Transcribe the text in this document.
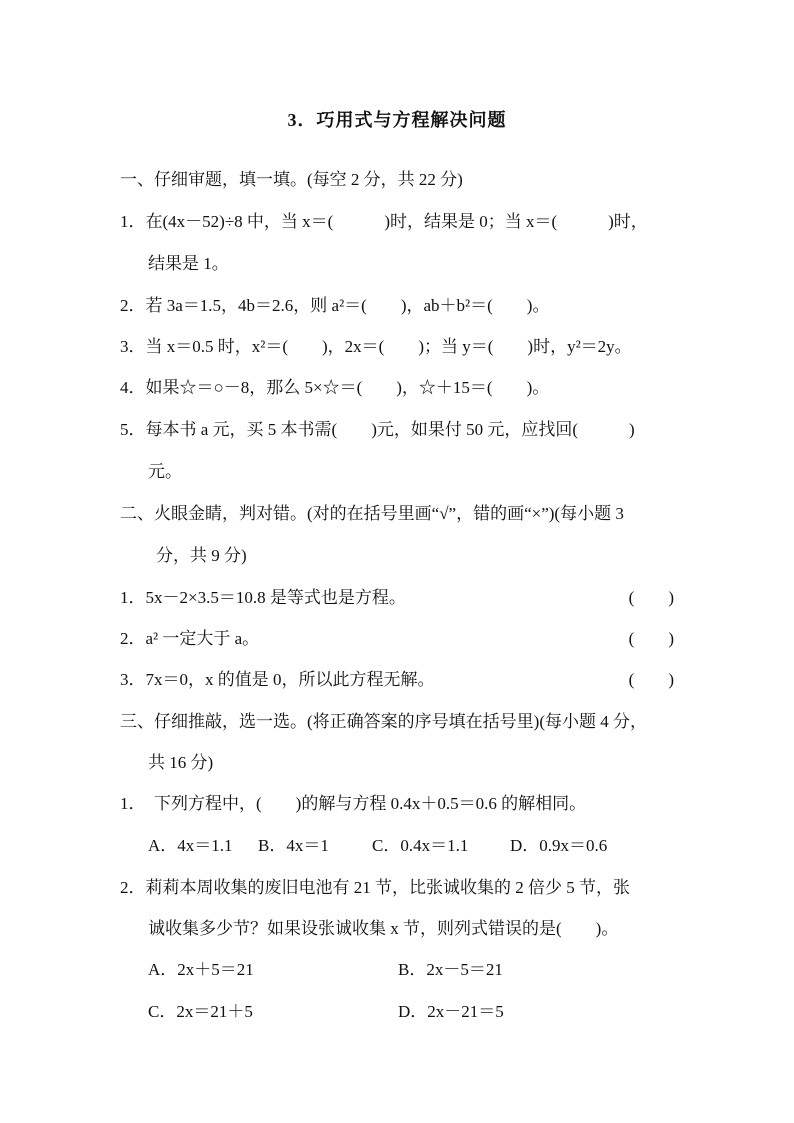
3．巧用式与方程解决问题
一、仔细审题，填一填。(每空 2 分，共 22 分)
1．在(4x－52)÷8 中，当 x＝(　　　)时，结果是 0；当 x＝(　　　)时，
结果是 1。
2．若 3a＝1.5，4b＝2.6，则 a²＝(　　)，ab＋b²＝(　　)。
3．当 x＝0.5 时，x²＝(　　)，2x＝(　　)；当 y＝(　　)时，y²＝2y。
4．如果☆＝○－8，那么 5×☆＝(　　)，☆＋15＝(　　)。
5．每本书 a 元，买 5 本书需(　　)元，如果付 50 元，应找回(　　　)
元。
二、火眼金睛，判对错。(对的在括号里画“√”，错的画“×”)(每小题 3
分，共 9 分)
1．5x－2×3.5＝10.8 是等式也是方程。	(　　)
2．a² 一定大于 a。	(　　)
3．7x＝0，x 的值是 0，所以此方程无解。	(　　)
三、仔细推敲，选一选。(将正确答案的序号填在括号里)(每小题 4 分，
共 16 分)
1．　下列方程中，(　　)的解与方程 0.4x＋0.5＝0.6 的解相同。
A．4x＝1.1 B．4x＝1	C．0.4x＝1.1 D．0.9x＝0.6
2．莉莉本周收集的废旧电池有 21 节，比张诚收集的 2 倍少 5 节，张
诚收集多少节？如果设张诚收集 x 节，则列式错误的是(　　)。
A．2x＋5＝21	B．2x－5＝21
C．2x＝21＋5	D．2x－21＝5
